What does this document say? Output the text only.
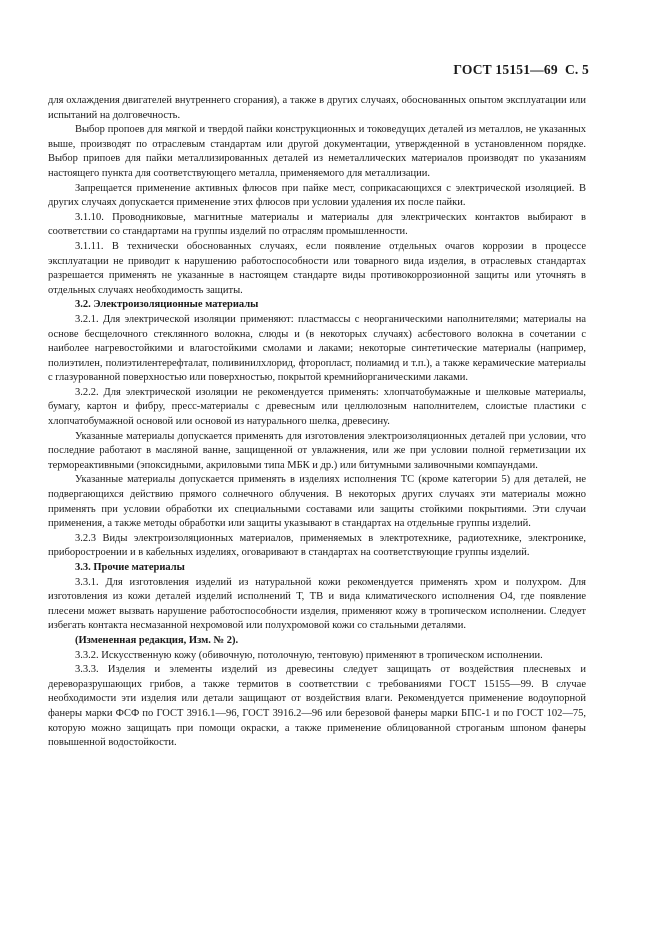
ГОСТ 15151—69 С. 5

для охлаждения двигателей внутреннего сгорания), а также в других случаях, обоснованных опытом эксплуатации или испытаний на долговечность.

Выбор пропоев для мягкой и твердой пайки конструкционных и токоведущих деталей из металлов, не указанных выше, производят по отраслевым стандартам или другой документации, утвержденной в установленном порядке. Выбор припоев для пайки металлизированных деталей из неметаллических материалов производят по указаниям настоящего пункта для соответствующего металла, применяемого для металлизации.

Запрещается применение активных флюсов при пайке мест, соприкасающихся с электрической изоляцией. В других случаях допускается применение этих флюсов при условии удаления их после пайки.

3.1.10. Проводниковые, магнитные материалы и материалы для электрических контактов выбирают в соответствии со стандартами на группы изделий по отраслям промышленности.

3.1.11. В технически обоснованных случаях, если появление отдельных очагов коррозии в процессе эксплуатации не приводит к нарушению работоспособности или товарного вида изделия, в отраслевых стандартах разрешается применять не указанные в настоящем стандарте виды противокоррозионной защиты или уточнять в отдельных случаях необходимость защиты.

3.2. Электроизоляционные материалы

3.2.1. Для электрической изоляции применяют: пластмассы с неорганическими наполнителями; материалы на основе бесщелочного стеклянного волокна, слюды и (в некоторых случаях) асбестового волокна в сочетании с наиболее нагревостойкими и влагостойкими смолами и лаками; некоторые синтетические материалы (например, полиэтилен, полиэтилентерефталат, поливинилхлорид, фторопласт, полиамид и т.п.), а также керамические материалы с глазурованной поверхностью или поверхностью, покрытой кремнийорганическими лаками.

3.2.2. Для электрической изоляции не рекомендуется применять: хлопчатобумажные и шелковые материалы, бумагу, картон и фибру, пресс-материалы с древесным или целлюлозным наполнителем, слоистые пластики с хлопчатобумажной основой или основой из натурального шелка, древесину.

Указанные материалы допускается применять для изготовления электроизоляционных деталей при условии, что последние работают в масляной ванне, защищенной от увлажнения, или же при условии полной герметизации их термореактивными (эпоксидными, акриловыми типа МБК и др.) или битумными заливочными компаундами.

Указанные материалы допускается применять в изделиях исполнения ТС (кроме категории 5) для деталей, не подвергающихся действию прямого солнечного облучения. В некоторых других случаях эти материалы можно применять при условии обработки их специальными составами или защиты стойкими покрытиями. Эти случаи применения, а также методы обработки или защиты указывают в стандартах на отдельные группы изделий.

3.2.3 Виды электроизоляционных материалов, применяемых в электротехнике, радиотехнике, электронике, приборостроении и в кабельных изделиях, оговаривают в стандартах на соответствующие группы изделий.

3.3. Прочие материалы

3.3.1. Для изготовления изделий из натуральной кожи рекомендуется применять хром и полухром. Для изготовления из кожи деталей изделий исполнений Т, ТВ и вида климатического исполнения О4, где появление плесени может вызвать нарушение работоспособности изделия, применяют кожу в тропическом исполнении. Следует избегать контакта несмазанной нехромовой или полухромовой кожи со стальными деталями.

(Измененная редакция, Изм. № 2).

3.3.2. Искусственную кожу (обивочную, потолочную, тентовую) применяют в тропическом исполнении.

3.3.3. Изделия и элементы изделий из древесины следует защищать от воздействия плесневых и дереворазрушающих грибов, а также термитов в соответствии с требованиями ГОСТ 15155—99. В случае необходимости эти изделия или детали защищают от воздействия влаги. Рекомендуется применение водоупорной фанеры марки ФСФ по ГОСТ 3916.1—96, ГОСТ 3916.2—96 или березовой фанеры марки БПС-1 и по ГОСТ 102—75, которую можно защищать при помощи окраски, а также применение облицованной строганым шпоном фанеры повышенной водостойкости.
